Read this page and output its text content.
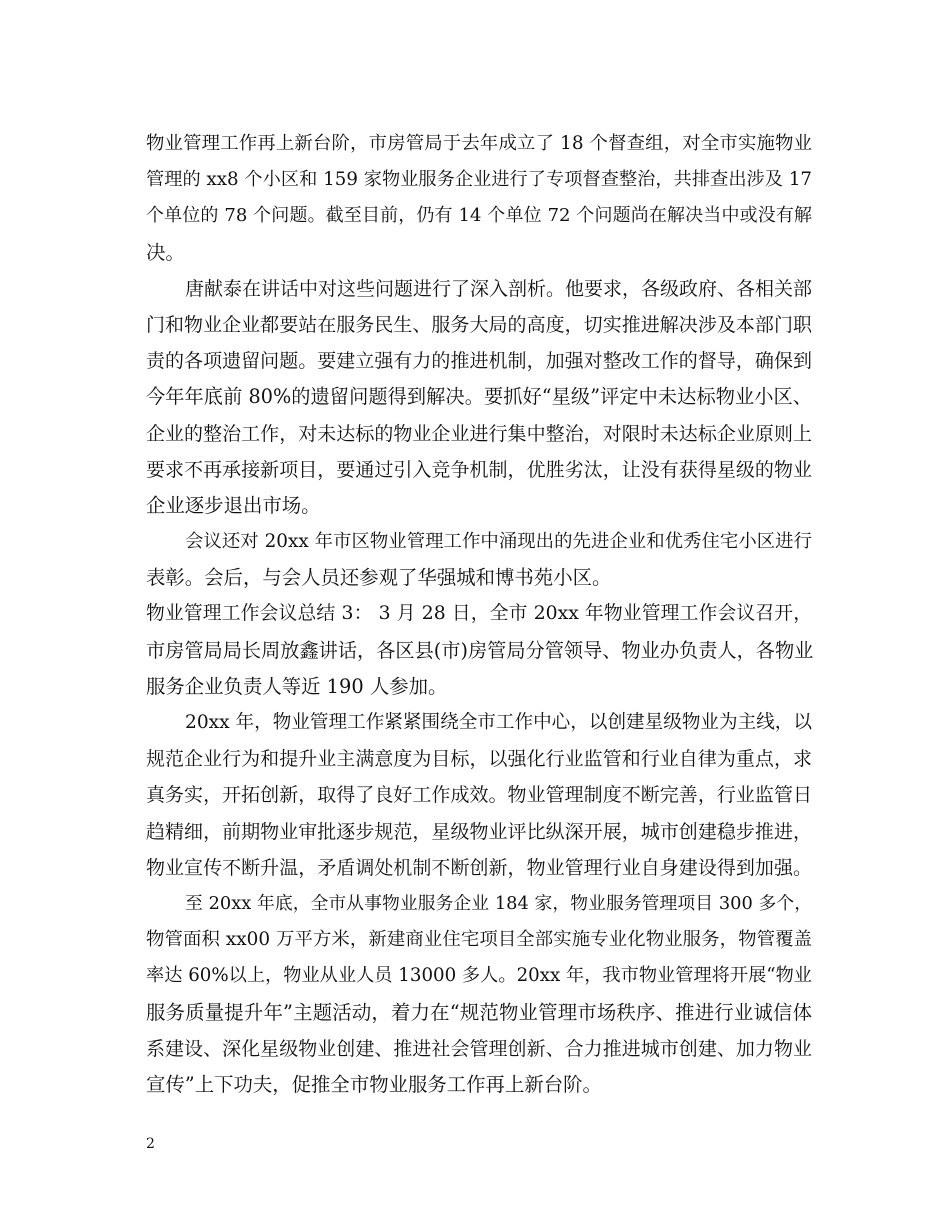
物业管理工作再上新台阶，市房管局于去年成立了 18 个督查组，对全市实施物业
管理的 xx8 个小区和 159 家物业服务企业进行了专项督查整治，共排查出涉及 17
个单位的 78 个问题。截至目前，仍有 14 个单位 72 个问题尚在解决当中或没有解
决。
唐献泰在讲话中对这些问题进行了深入剖析。他要求，各级政府、各相关部
门和物业企业都要站在服务民生、服务大局的高度，切实推进解决涉及本部门职
责的各项遗留问题。要建立强有力的推进机制，加强对整改工作的督导，确保到
今年年底前 80%的遗留问题得到解决。要抓好“星级”评定中未达标物业小区、
企业的整治工作，对未达标的物业企业进行集中整治，对限时未达标企业原则上
要求不再承接新项目，要通过引入竞争机制，优胜劣汰，让没有获得星级的物业
企业逐步退出市场。
会议还对 20xx 年市区物业管理工作中涌现出的先进企业和优秀住宅小区进行
表彰。会后，与会人员还参观了华强城和博书苑小区。
物业管理工作会议总结 3： 3 月 28 日，全市 20xx 年物业管理工作会议召开，
市房管局局长周放鑫讲话，各区县(市)房管局分管领导、物业办负责人，各物业
服务企业负责人等近 190 人参加。
20xx 年，物业管理工作紧紧围绕全市工作中心，以创建星级物业为主线，以
规范企业行为和提升业主满意度为目标，以强化行业监管和行业自律为重点，求
真务实，开拓创新，取得了良好工作成效。物业管理制度不断完善，行业监管日
趋精细，前期物业审批逐步规范，星级物业评比纵深开展，城市创建稳步推进，
物业宣传不断升温，矛盾调处机制不断创新，物业管理行业自身建设得到加强。
至 20xx 年底，全市从事物业服务企业 184 家，物业服务管理项目 300 多个，
物管面积 xx00 万平方米，新建商业住宅项目全部实施专业化物业服务，物管覆盖
率达 60%以上，物业从业人员 13000 多人。20xx 年，我市物业管理将开展“物业
服务质量提升年”主题活动，着力在“规范物业管理市场秩序、推进行业诚信体
系建设、深化星级物业创建、推进社会管理创新、合力推进城市创建、加力物业
宣传”上下功夫，促推全市物业服务工作再上新台阶。
2
